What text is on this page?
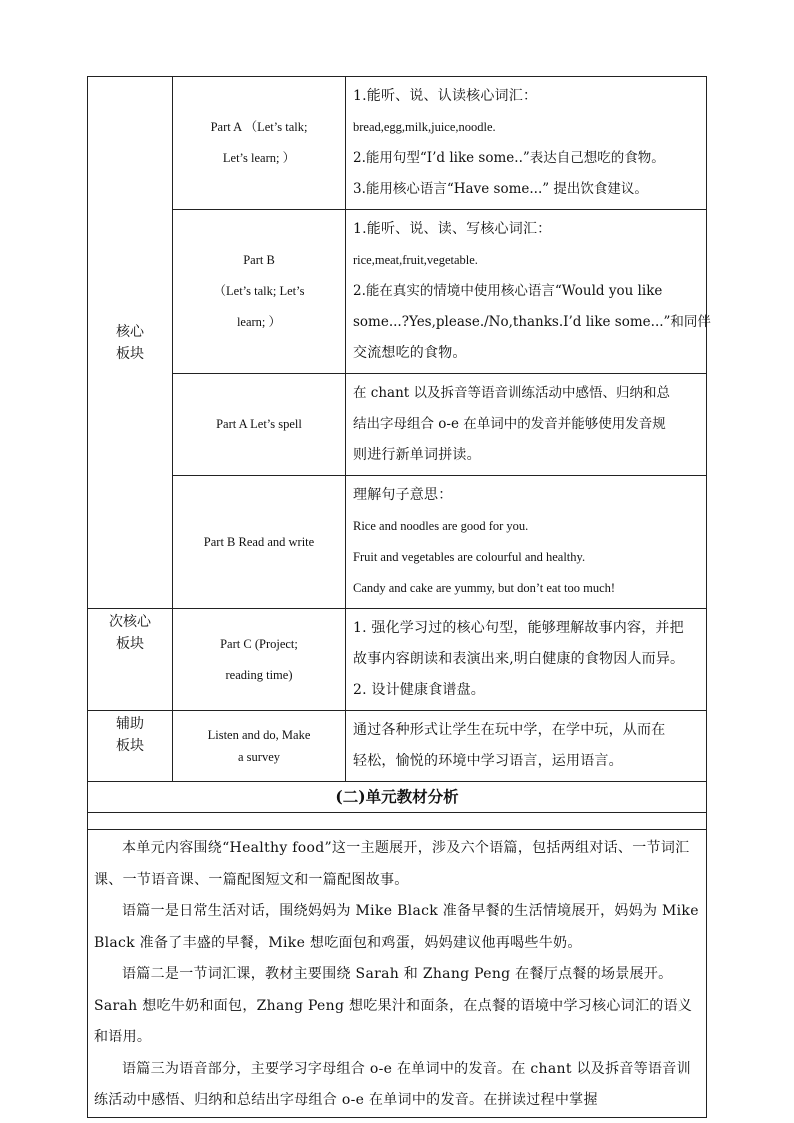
核心
板块	Part A （Let’s talk;
Let’s learn; ）	1.能听、说、认读核心词汇：
bread,egg,milk,juice,noodle.
2.能用句型“I’d like some..”表达自己想吃的食物。
3.能用核心语言“Have some...” 提出饮食建议。

	Part B
（Let’s talk; Let’s
learn; ）	1.能听、说、读、写核心词汇：
rice,meat,fruit,vegetable.
2.能在真实的情境中使用核心语言“Would you like
some...?Yes,please./No,thanks.I’d like some...”和同伴
交流想吃的食物。

	Part A Let’s spell	在 chant 以及拆音等语音训练活动中感悟、归纳和总
结出字母组合 o-e 在单词中的发音并能够使用发音规
则进行新单词拼读。

	Part B Read and write	理解句子意思：
Rice and noodles are good for you.
Fruit and vegetables are colourful and healthy.
Candy and cake are yummy, but don’t eat too much!

次核心
板块	Part C (Project;
reading time)	1. 强化学习过的核心句型，能够理解故事内容，并把
故事内容朗读和表演出来,明白健康的食物因人而异。
2. 设计健康食谱盘。

辅助
板块	Listen and do, Make
a survey	通过各种形式让学生在玩中学，在学中玩，从而在
轻松，愉悦的环境中学习语言，运用语言。

(二)单元教材分析		

本单元内容围绕“Healthy food”这一主题展开，涉及六个语篇，包括两组对话、一节词汇课、一节语音课、一篇配图短文和一篇配图故事。

语篇一是日常生活对话，围绕妈妈为 Mike Black 准备早餐的生活情境展开，妈妈为 Mike Black 准备了丰盛的早餐，Mike 想吃面包和鸡蛋，妈妈建议他再喝些牛奶。

语篇二是一节词汇课，教材主要围绕 Sarah 和 Zhang Peng 在餐厅点餐的场景展开。Sarah 想吃牛奶和面包，Zhang Peng 想吃果汁和面条，在点餐的语境中学习核心词汇的语义和语用。

语篇三为语音部分，主要学习字母组合 o-e 在单词中的发音。在 chant 以及拆音等语音训练活动中感悟、归纳和总结出字母组合 o-e 在单词中的发音。在拼读过程中掌握		
